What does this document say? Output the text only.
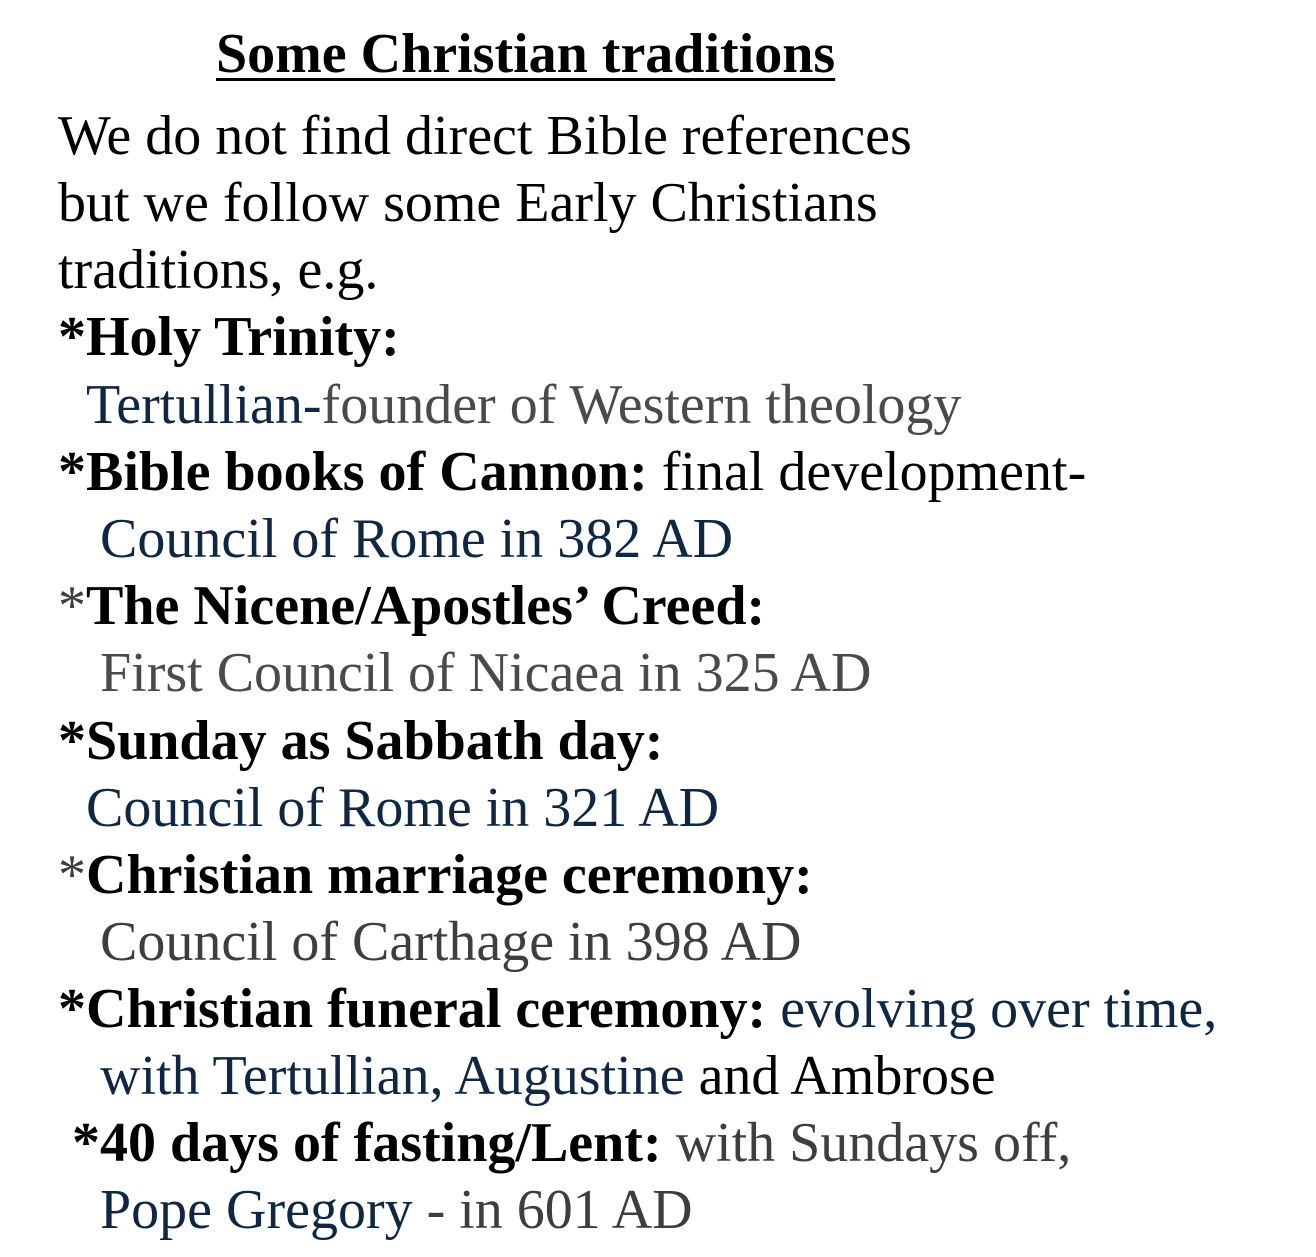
Some Christian traditions
We do not find direct Bible references
but we follow some Early Christians
traditions, e.g.
*Holy Trinity:
Tertullian-founder of Western theology
*Bible books of Cannon: final development-
Council of Rome in 382 AD
*The Nicene/Apostles’ Creed:
First Council of Nicaea in 325 AD
*Sunday as Sabbath day:
Council of Rome in 321 AD
*Christian marriage ceremony:
Council of Carthage in 398 AD
*Christian funeral ceremony: evolving over time,
with Tertullian, Augustine and Ambrose
*40 days of fasting/Lent: with Sundays off,
Pope Gregory - in 601 AD
